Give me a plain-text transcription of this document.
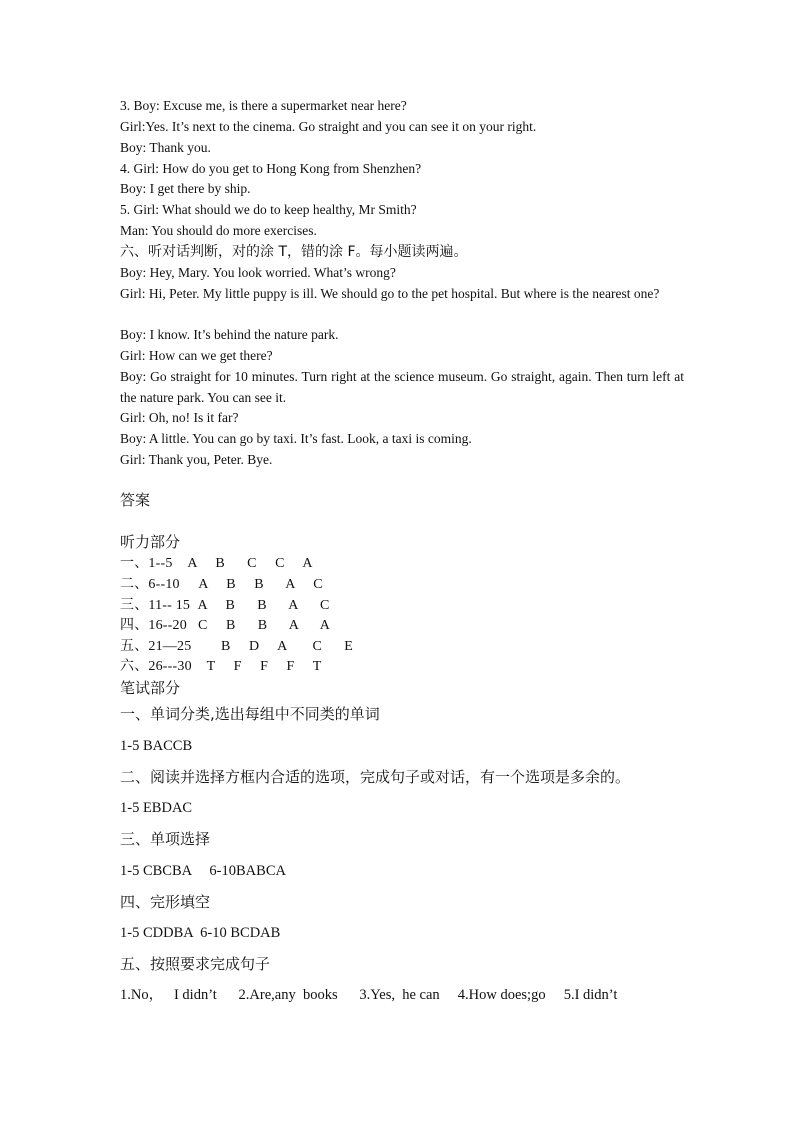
3. Boy: Excuse me, is there a supermarket near here?
Girl:Yes. It’s next to the cinema. Go straight and you can see it on your right.
Boy: Thank you.
4. Girl: How do you get to Hong Kong from Shenzhen?
Boy: I get there by ship.
5. Girl: What should we do to keep healthy, Mr Smith?
Man: You should do more exercises.
六、听对话判断，对的涂 T，错的涂 F。每小题读两遍。
Boy: Hey, Mary. You look worried. What’s wrong?
Girl: Hi, Peter. My little puppy is ill. We should go to the pet hospital. But where is the nearest one?
Boy: I know. It’s behind the nature park.
Girl: How can we get there?
Boy: Go straight for 10 minutes. Turn right at the science museum. Go straight, again. Then turn left at the nature park. You can see it.
Girl: Oh, no! Is it far?
Boy: A little. You can go by taxi. It’s fast. Look, a taxi is coming.
Girl: Thank you, Peter. Bye.
答案
听力部分
一、1--5    A     B      C     C     A
二、6--10     A     B     B      A     C
三、11-- 15  A     B      B      A      C
四、16--20   C     B      B      A      A
五、21—25        B     D     A       C      E
六、26---30    T     F     F     F     T
笔试部分
一、单词分类,选出每组中不同类的单词
1-5 BACCB
二、阅读并选择方框内合适的选项，完成句子或对话，有一个选项是多余的。
1-5 EBDAC
三、单项选择
1-5 CBCBA     6-10BABCA
四、完形填空
1-5 CDDBA  6-10 BCDAB
五、按照要求完成句子
1.No，   I didn’t      2.Are,any  books      3.Yes,  he can     4.How does;go     5.I didn’t
